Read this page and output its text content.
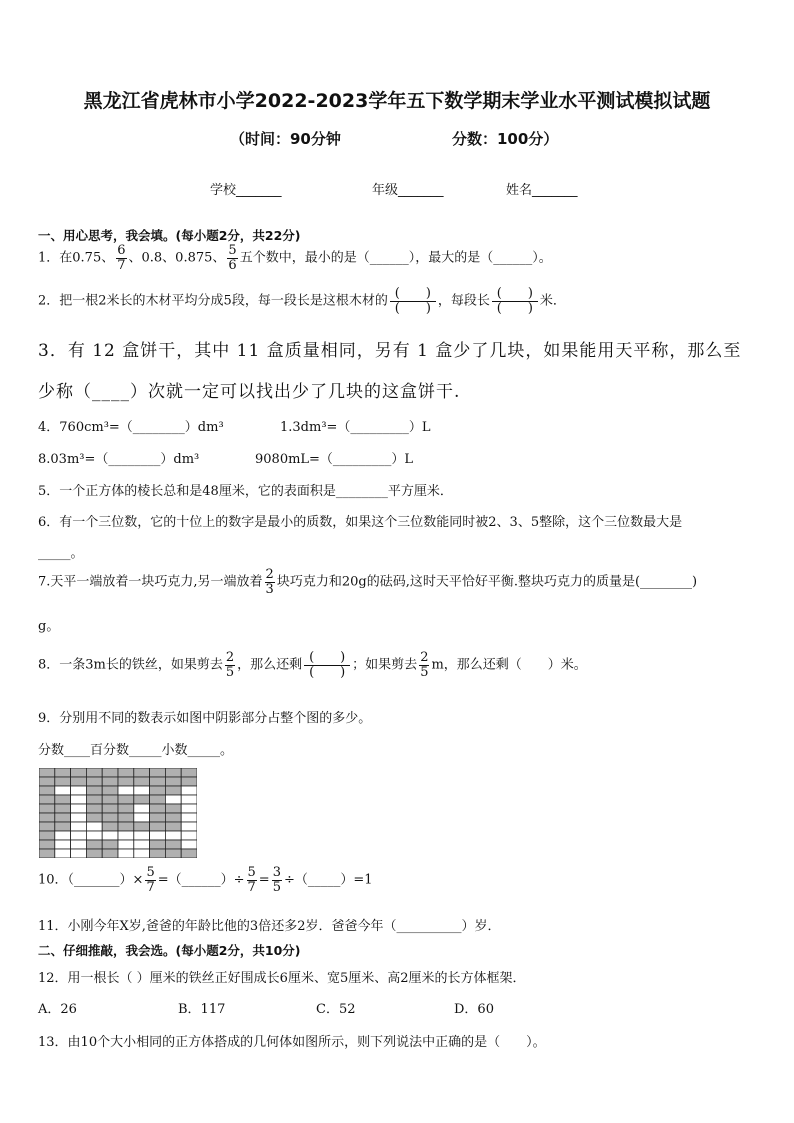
黑龙江省虎林市小学2022-2023学年五下数学期末学业水平测试模拟试题
（时间：90分钟	分数：100分）
学校_______	年级_______	姓名_______
一、用心思考，我会填。(每小题2分，共22分)
1．在0.75、 $\frac{6}{7}$ 、0.8、0.875、 $\frac{5}{6}$ 五个数中，最小的是（______），最大的是（______）。
2．把一根2米长的木材平均分成5段，每一段长是这根木材的 $\frac{( )}{( )}$ ，每段长 $\frac{( )}{( )}$ 米．
3．有 12 盒饼干，其中 11 盒质量相同，另有 1 盒少了几块，如果能用天平称，那么至
少称（____）次就一定可以找出少了几块的这盒饼干.
4．760cm³=（________）dm³	1.3dm³=（_________）L
8.03m³=（________）dm³	9080mL=（_________）L
5．一个正方体的棱长总和是48厘米，它的表面积是________平方厘米．
6．有一个三位数，它的十位上的数字是最小的质数，如果这个三位数能同时被2、3、5整除，这个三位数最大是
_____。
7.天平一端放着一块巧克力,另一端放着 $\frac{2}{3}$ 块巧克力和20g的砝码,这时天平恰好平衡.整块巧克力的质量是(________)
g。
8．一条3m长的铁丝，如果剪去 $\frac{2}{5}$ ，那么还剩 $\frac{( )}{( )}$ ；如果剪去 $\frac{2}{5}$ m，那么还剩（　　）米。
9．分别用不同的数表示如图中阴影部分占整个图的多少。
分数____百分数_____小数_____。
10．（_______）× $\frac{5}{7}$ =（______）÷ $\frac{5}{7} = \frac{3}{5}$ ÷（_____）=1
11．小刚今年X岁,爸爸的年龄比他的3倍还多2岁．爸爸今年（__________）岁．
二、仔细推敲，我会选。(每小题2分，共10分)
12．用一根长（ ）厘米的铁丝正好围成长6厘米、宽5厘米、高2厘米的长方体框架．
A．26	B．117	C．52	D．60
13．由10个大小相同的正方体搭成的几何体如图所示，则下列说法中正确的是（　　）。
